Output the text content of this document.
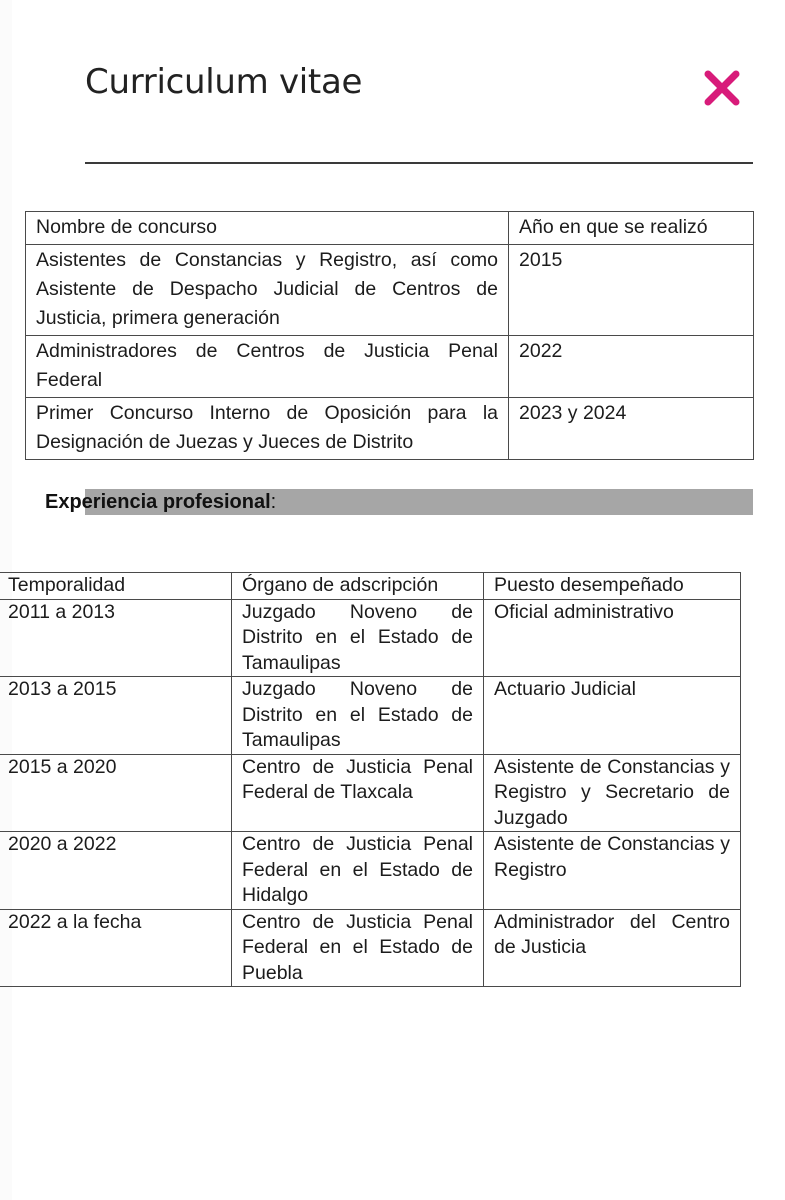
Curriculum vitae
Nombre de concurso	Año en que se realizó
Asistentes de Constancias y Registro, así como Asistente de Despacho Judicial de Centros de Justicia, primera generación	2015
Administradores de Centros de Justicia Penal Federal	2022
Primer Concurso Interno de Oposición para la Designación de Juezas y Jueces de Distrito	2023 y 2024
Experiencia profesional:
Temporalidad	Órgano de adscripción	Puesto desempeñado
2011 a 2013	Juzgado Noveno de Distrito en el Estado de Tamaulipas	Oficial administrativo
2013 a 2015	Juzgado Noveno de Distrito en el Estado de Tamaulipas	Actuario Judicial
2015 a 2020	Centro de Justicia Penal Federal de Tlaxcala	Asistente de Constancias y Registro y Secretario de Juzgado
2020 a 2022	Centro de Justicia Penal Federal en el Estado de Hidalgo	Asistente de Constancias y Registro
2022 a la fecha	Centro de Justicia Penal Federal en el Estado de Puebla	Administrador del Centro de Justicia
